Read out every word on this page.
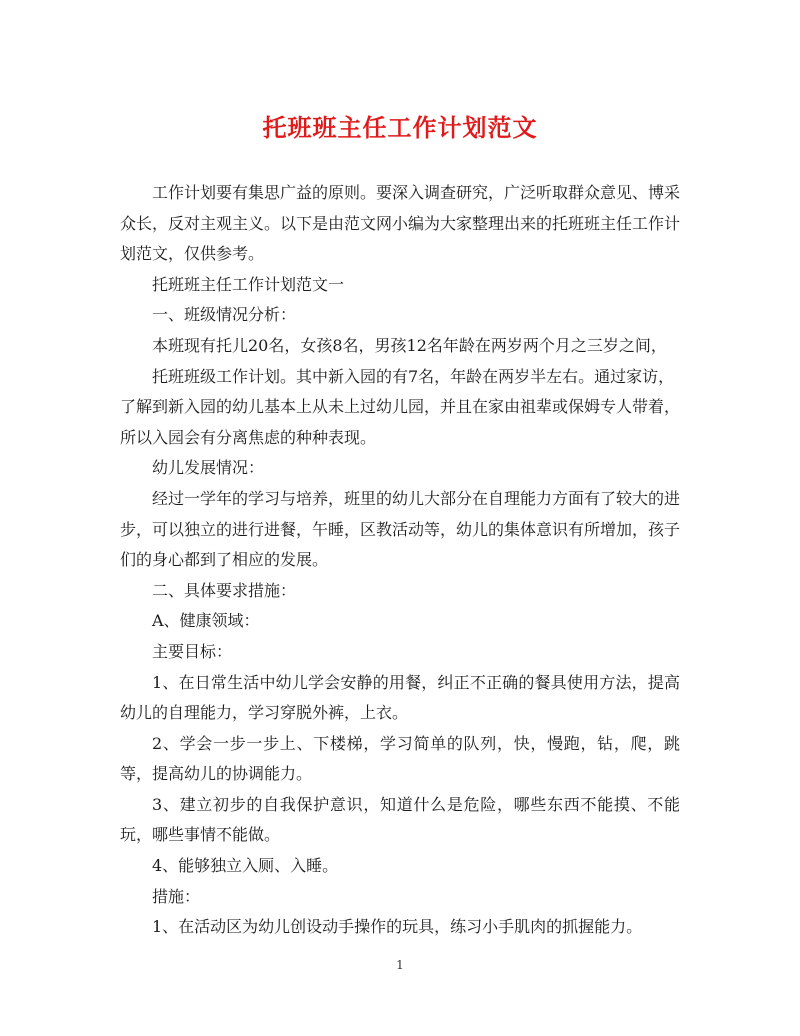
托班班主任工作计划范文

工作计划要有集思广益的原则。要深入调查研究，广泛听取群众意见、博采众长，反对主观主义。以下是由范文网小编为大家整理出来的托班班主任工作计划范文，仅供参考。

托班班主任工作计划范文一

一、班级情况分析：

本班现有托儿20名，女孩8名，男孩12名年龄在两岁两个月之三岁之间，

托班班级工作计划。其中新入园的有7名，年龄在两岁半左右。通过家访，

了解到新入园的幼儿基本上从未上过幼儿园，并且在家由祖辈或保姆专人带着，所以入园会有分离焦虑的种种表现。

幼儿发展情况：

经过一学年的学习与培养，班里的幼儿大部分在自理能力方面有了较大的进步，可以独立的进行进餐，午睡，区教活动等，幼儿的集体意识有所增加，孩子们的身心都到了相应的发展。

二、具体要求措施：

A、健康领域：

主要目标：

1、在日常生活中幼儿学会安静的用餐，纠正不正确的餐具使用方法，提高幼儿的自理能力，学习穿脱外裤，上衣。

2、学会一步一步上、下楼梯，学习简单的队列，快，慢跑，钻，爬，跳等，提高幼儿的协调能力。

3、建立初步的自我保护意识，知道什么是危险，哪些东西不能摸、不能玩，哪些事情不能做。

4、能够独立入厕、入睡。

措施：

1、在活动区为幼儿创设动手操作的玩具，练习小手肌肉的抓握能力。

1
